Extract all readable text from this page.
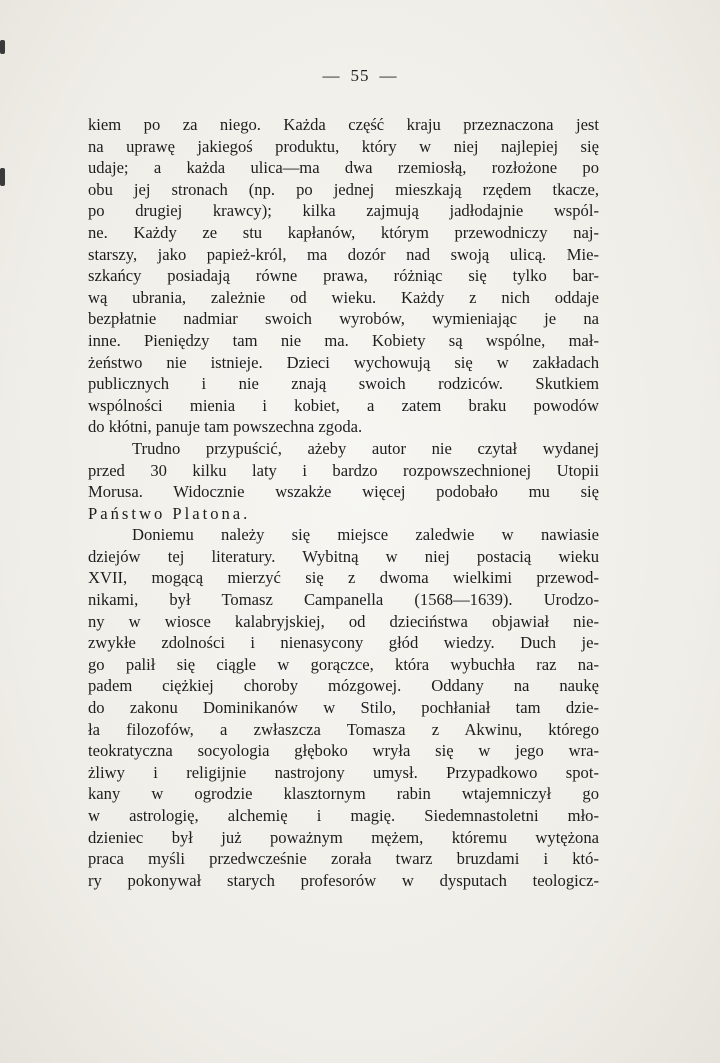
— 55 —
kiem po za niego. Każda część kraju przeznaczona jest
na uprawę jakiegoś produktu, który w niej najlepiej się
udaje; a każda ulica—ma dwa rzemiosłą, rozłożone po
obu jej stronach (np. po jednej mieszkają rzędem tkacze,
po drugiej krawcy); kilka zajmują jadłodajnie wspól-
ne. Każdy ze stu kapłanów, którym przewodniczy naj-
starszy, jako papież-król, ma dozór nad swoją ulicą. Mie-
szkańcy posiadają równe prawa, różniąc się tylko bar-
wą ubrania, zależnie od wieku. Każdy z nich oddaje
bezpłatnie nadmiar swoich wyrobów, wymieniając je na
inne. Pieniędzy tam nie ma. Kobiety są wspólne, mał-
żeństwo nie istnieje. Dzieci wychowują się w zakładach
publicznych i nie znają swoich rodziców. Skutkiem
wspólności mienia i kobiet, a zatem braku powodów
do kłótni, panuje tam powszechna zgoda.
Trudno przypuścić, ażeby autor nie czytał wydanej
przed 30 kilku laty i bardzo rozpowszechnionej Utopii
Morusa. Widocznie wszakże więcej podobało mu się
Państwo Platona.
Doniemu należy się miejsce zaledwie w nawiasie
dziejów tej literatury. Wybitną w niej postacią wieku
XVII, mogącą mierzyć się z dwoma wielkimi przewod-
nikami, był Tomasz Campanella (1568—1639). Urodzo-
ny w wiosce kalabryjskiej, od dzieciństwa objawiał nie-
zwykłe zdolności i nienasycony głód wiedzy. Duch je-
go palił się ciągle w gorączce, która wybuchła raz na-
padem ciężkiej choroby mózgowej. Oddany na naukę
do zakonu Dominikanów w Stilo, pochłaniał tam dzie-
ła filozofów, a zwłaszcza Tomasza z Akwinu, którego
teokratyczna socyologia głęboko wryła się w jego wra-
żliwy i religijnie nastrojony umysł. Przypadkowo spot-
kany w ogrodzie klasztornym rabin wtajemniczył go
w astrologię, alchemię i magię. Siedemnastoletni mło-
dzieniec był już poważnym mężem, któremu wytężona
praca myśli przedwcześnie zorała twarz bruzdami i któ-
ry pokonywał starych profesorów w dysputach teologicz-
